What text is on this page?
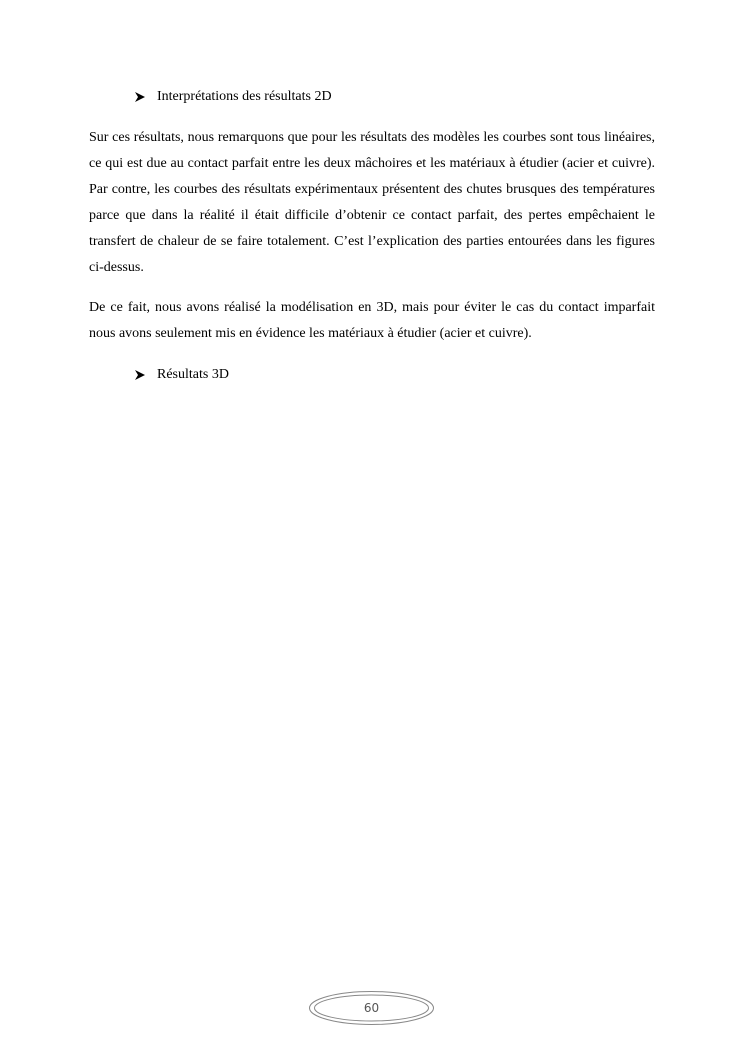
Interprétations des résultats 2D

Sur ces résultats, nous remarquons que pour les résultats des modèles les courbes sont tous linéaires, ce qui est due au contact parfait entre les deux mâchoires et les matériaux à étudier (acier et cuivre). Par contre, les courbes des résultats expérimentaux présentent des chutes brusques des températures parce que dans la réalité il était difficile d’obtenir ce contact parfait, des pertes empêchaient le transfert de chaleur de se faire totalement. C’est l’explication des parties entourées dans les figures ci-dessus.

De ce fait, nous avons réalisé la modélisation en 3D, mais pour éviter le cas du contact imparfait nous avons seulement mis en évidence les matériaux à étudier (acier et cuivre).

Résultats 3D
60
